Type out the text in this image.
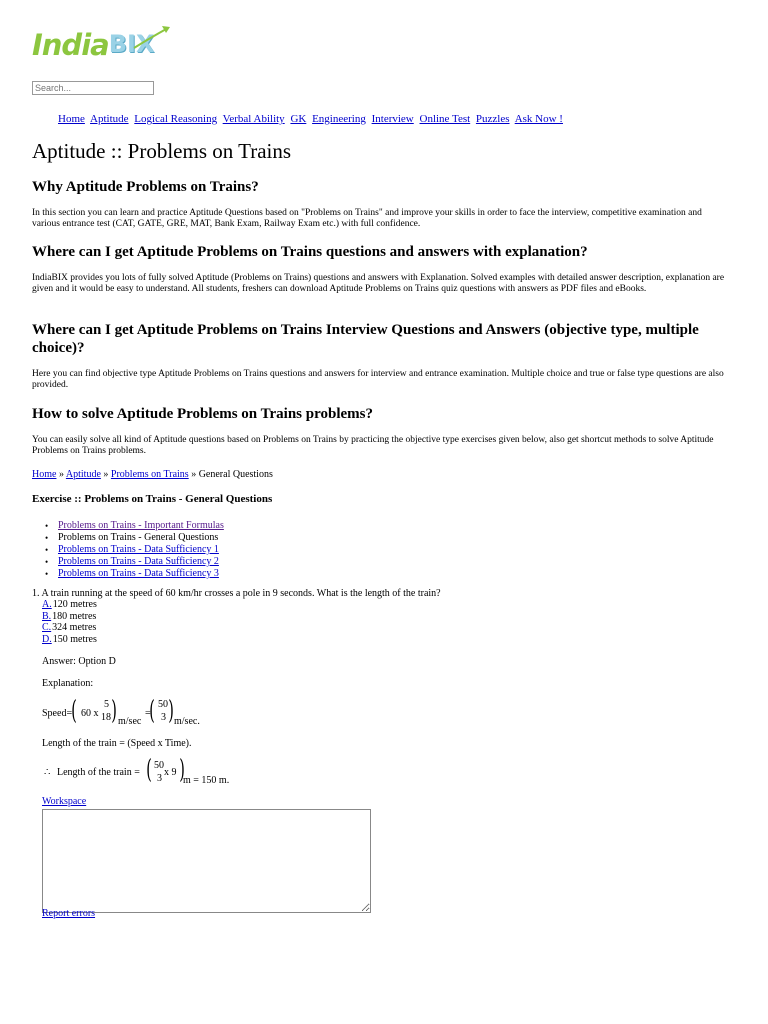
IndiaBIX
Search...
Home Aptitude Logical Reasoning Verbal Ability GK Engineering Interview Online Test Puzzles Ask Now !
Aptitude :: Problems on Trains
Why Aptitude Problems on Trains?

In this section you can learn and practice Aptitude Questions based on "Problems on Trains" and improve your skills in order to face the interview, competitive examination and various entrance test (CAT, GATE, GRE, MAT, Bank Exam, Railway Exam etc.) with full confidence.

Where can I get Aptitude Problems on Trains questions and answers with explanation?

IndiaBIX provides you lots of fully solved Aptitude (Problems on Trains) questions and answers with Explanation. Solved examples with detailed answer description, explanation are given and it would be easy to understand. All students, freshers can download Aptitude Problems on Trains quiz questions with answers as PDF files and eBooks.

Where can I get Aptitude Problems on Trains Interview Questions and Answers (objective type, multiple choice)?

Here you can find objective type Aptitude Problems on Trains questions and answers for interview and entrance examination. Multiple choice and true or false type questions are also provided.

How to solve Aptitude Problems on Trains problems?

You can easily solve all kind of Aptitude questions based on Problems on Trains by practicing the objective type exercises given below, also get shortcut methods to solve Aptitude Problems on Trains problems.

Home » Aptitude » Problems on Trains » General Questions
Exercise :: Problems on Trains - General Questions
• Problems on Trains - Important Formulas
• Problems on Trains - General Questions
• Problems on Trains - Data Sufficiency 1
• Problems on Trains - Data Sufficiency 2
• Problems on Trains - Data Sufficiency 3
1. A train running at the speed of 60 km/hr crosses a pole in 9 seconds. What is the length of the train?
A.120 metres
B.180 metres
C.324 metres
D.150 metres
Answer: Option D
Explanation:
Speed= ( 60 x
5
18 ) m/sec
=
( 50
3 ) m/sec.
Length of the train = (Speed x Time).
∴ Length of the train = ( 50
3
x 9 )
m = 150 m.
Workspace
Report errors
